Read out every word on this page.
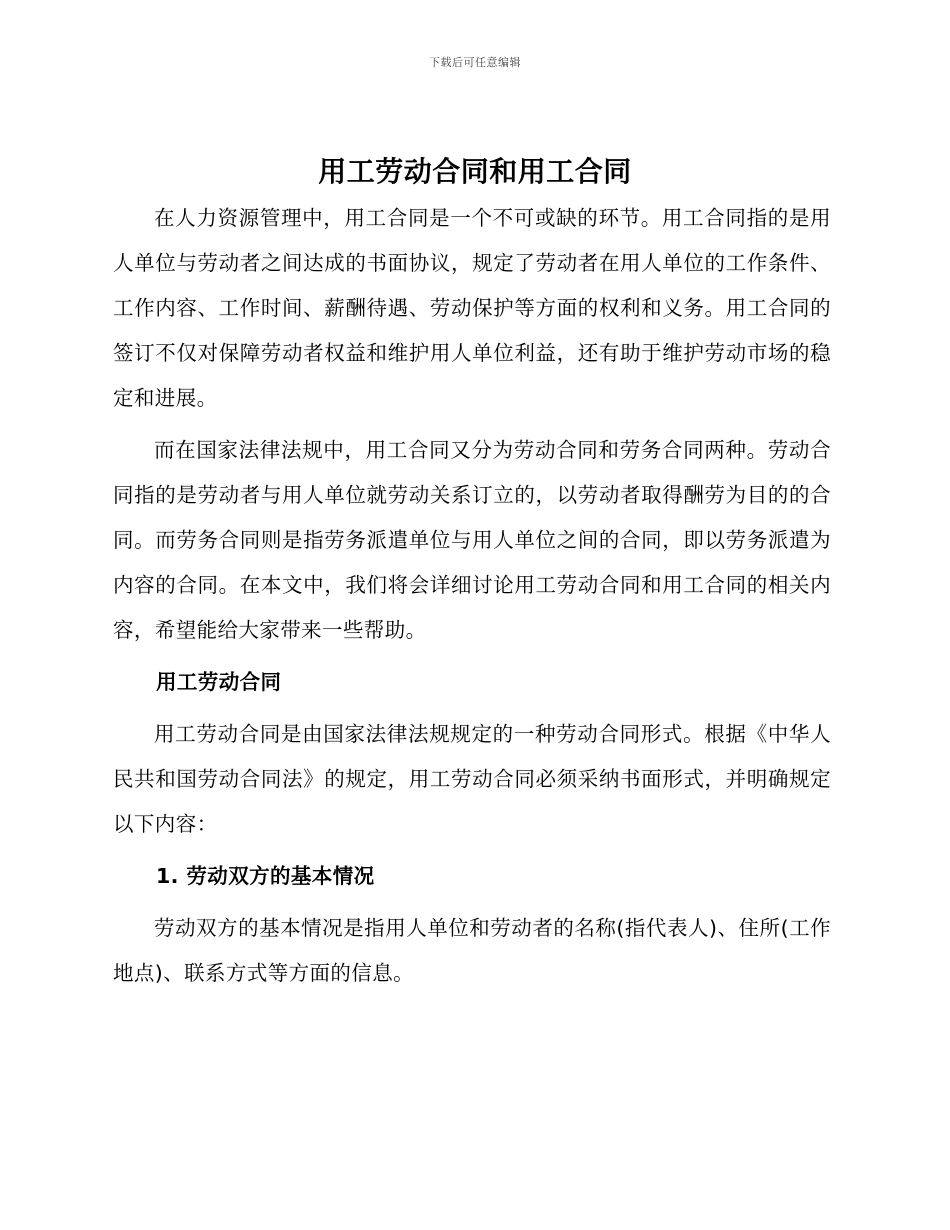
下载后可任意编辑
用工劳动合同和用工合同

在人力资源管理中，用工合同是一个不可或缺的环节。用工合同指的是用人单位与劳动者之间达成的书面协议，规定了劳动者在用人单位的工作条件、工作内容、工作时间、薪酬待遇、劳动保护等方面的权利和义务。用工合同的签订不仅对保障劳动者权益和维护用人单位利益，还有助于维护劳动市场的稳定和进展。

而在国家法律法规中，用工合同又分为劳动合同和劳务合同两种。劳动合同指的是劳动者与用人单位就劳动关系订立的，以劳动者取得酬劳为目的的合同。而劳务合同则是指劳务派遣单位与用人单位之间的合同，即以劳务派遣为内容的合同。在本文中，我们将会详细讨论用工劳动合同和用工合同的相关内容，希望能给大家带来一些帮助。

用工劳动合同

用工劳动合同是由国家法律法规规定的一种劳动合同形式。根据《中华人民共和国劳动合同法》的规定，用工劳动合同必须采纳书面形式，并明确规定以下内容：

1. 劳动双方的基本情况

劳动双方的基本情况是指用人单位和劳动者的名称(指代表人)、住所(工作地点)、联系方式等方面的信息。
